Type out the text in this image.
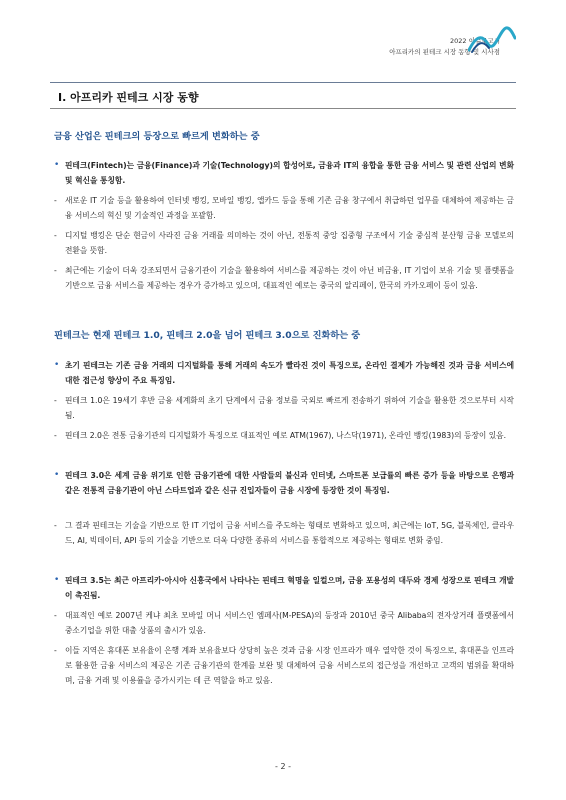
2022 이슈보고서
아프리카의 핀테크 시장 동향 및 시사점
Ⅰ. 아프리카 핀테크 시장 동향
금융 산업은 핀테크의 등장으로 빠르게 변화하는 중
• 핀테크(Fintech)는 금융(Finance)과 기술(Technology)의 합성어로, 금융과 IT의 융합을 통한 금융 서비스 및 관련 산업의 변화 및 혁신을 통칭함.
- 새로운 IT 기술 등을 활용하여 인터넷 뱅킹, 모바일 뱅킹, 앱카드 등을 통해 기존 금융 창구에서 취급하던 업무를 대체하여 제공하는 금융 서비스의 혁신 및 기술적인 과정을 포괄함.
- 디지털 뱅킹은 단순 현금이 사라진 금융 거래를 의미하는 것이 아닌, 전통적 중앙 집중형 구조에서 기술 중심적 분산형 금융 모델로의 전환을 뜻함.
- 최근에는 기술이 더욱 강조되면서 금융기관이 기술을 활용하여 서비스를 제공하는 것이 아닌 비금융, IT 기업이 보유 기술 및 플랫폼을 기반으로 금융 서비스를 제공하는 경우가 증가하고 있으며, 대표적인 예로는 중국의 알리페이, 한국의 카카오페이 등이 있음.
핀테크는 현재 핀테크 1.0, 핀테크 2.0을 넘어 핀테크 3.0으로 진화하는 중
• 초기 핀테크는 기존 금융 거래의 디지털화를 통해 거래의 속도가 빨라진 것이 특징으로, 온라인 결제가 가능해진 것과 금융 서비스에 대한 접근성 향상이 주요 특징임.
- 핀테크 1.0은 19세기 후반 금융 세계화의 초기 단계에서 금융 정보를 국외로 빠르게 전송하기 위하여 기술을 활용한 것으로부터 시작됨.
- 핀테크 2.0은 전통 금융기관의 디지털화가 특징으로 대표적인 예로 ATM(1967), 나스닥(1971), 온라인 뱅킹(1983)의 등장이 있음.
• 핀테크 3.0은 세계 금융 위기로 인한 금융기관에 대한 사람들의 불신과 인터넷, 스마트폰 보급률의 빠른 증가 등을 바탕으로 은행과 같은 전통적 금융기관이 아닌 스타트업과 같은 신규 진입자들이 금융 시장에 등장한 것이 특징임.
- 그 결과 핀테크는 기술을 기반으로 한 IT 기업이 금융 서비스를 주도하는 형태로 변화하고 있으며, 최근에는 IoT, 5G, 블록체인, 클라우드, AI, 빅데이터, API 등의 기술을 기반으로 더욱 다양한 종류의 서비스를 통합적으로 제공하는 형태로 변화 중임.
• 핀테크 3.5는 최근 아프리카·아시아 신흥국에서 나타나는 핀테크 혁명을 일컬으며, 금융 포용성의 대두와 경제 성장으로 핀테크 개발이 촉진됨.
- 대표적인 예로 2007년 케냐 최초 모바일 머니 서비스인 엠페사(M-PESA)의 등장과 2010년 중국 Alibaba의 전자상거래 플랫폼에서 중소기업을 위한 대출 상품의 출시가 있음.
- 이들 지역은 휴대폰 보유율이 은행 계좌 보유율보다 상당히 높은 것과 금융 시장 인프라가 매우 열악한 것이 특징으로, 휴대폰을 인프라로 활용한 금융 서비스의 제공은 기존 금융기관의 한계를 보완 및 대체하여 금융 서비스로의 접근성을 개선하고 고객의 범위를 확대하며, 금융 거래 및 이용률을 증가시키는 데 큰 역할을 하고 있음.
- 2 -
